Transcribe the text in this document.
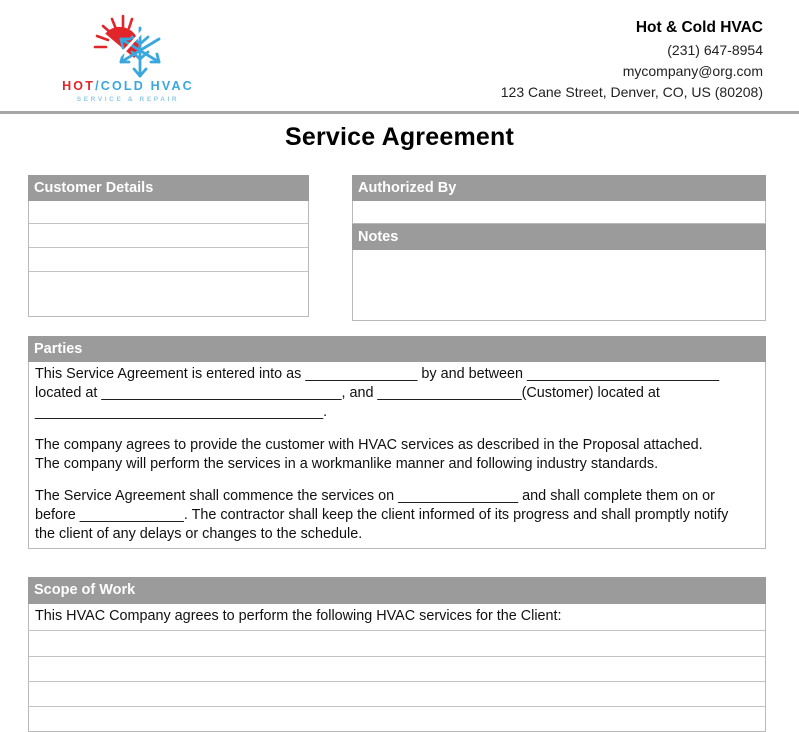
HOT/COLD HVAC
SERVICE & REPAIR
Hot & Cold HVAC
(231) 647-8954
mycompany@org.com
123 Cane Street, Denver, CO, US (80208)
Service Agreement
Customer Details	Authorized By
Notes
Parties

This Service Agreement is entered into as ______________ by and between ________________________
located at ______________________________, and __________________(Customer) located at
____________________________________.

The company agrees to provide the customer with HVAC services as described in the Proposal attached.
The company will perform the services in a workmanlike manner and following industry standards.

The Service Agreement shall commence the services on _______________ and shall complete them on or
before _____________. The contractor shall keep the client informed of its progress and shall promptly notify
the client of any delays or changes to the schedule.

Scope of Work
This HVAC Company agrees to perform the following HVAC services for the Client:
